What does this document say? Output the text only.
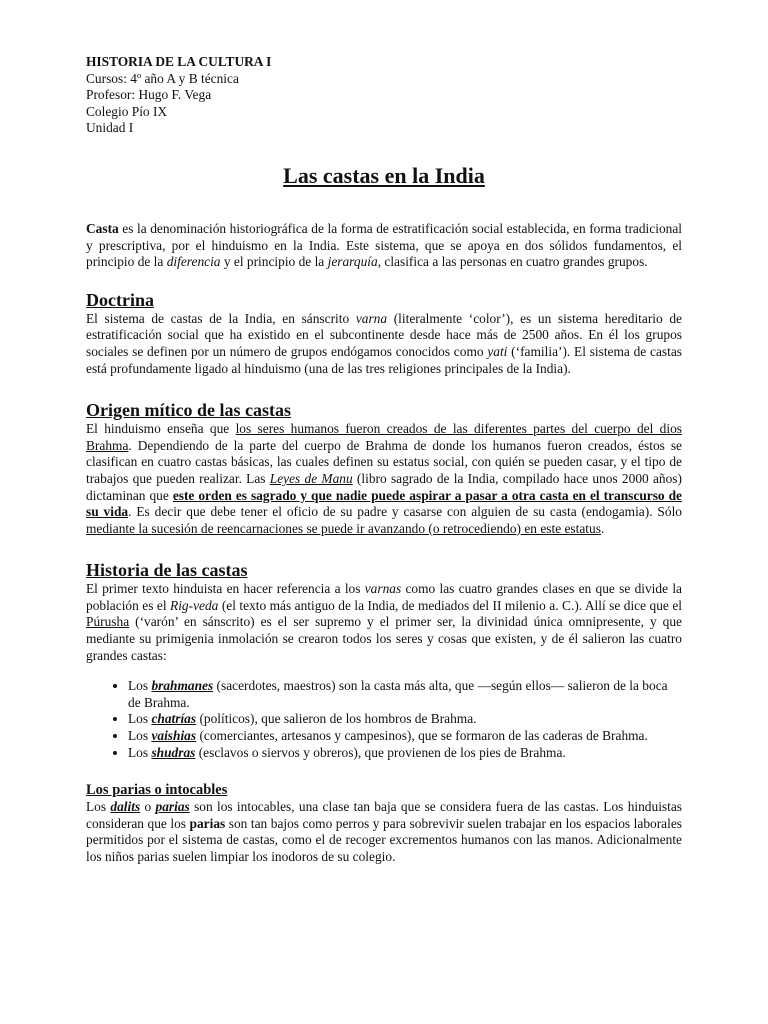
HISTORIA DE LA CULTURA I

Cursos: 4º año A y B técnica

Profesor: Hugo F. Vega

Colegio Pío IX

Unidad I

Las castas en la India

Casta es la denominación historiográfica de la forma de estratificación social establecida, en forma tradicional y prescriptiva, por el hinduismo en la India. Este sistema, que se apoya en dos sólidos fundamentos, el principio de la diferencia y el principio de la jerarquía, clasifica a las personas en cuatro grandes grupos.

Doctrina

El sistema de castas de la India, en sánscrito varna (literalmente ‘color’), es un sistema hereditario de estratificación social que ha existido en el subcontinente desde hace más de 2500 años. En él los grupos sociales se definen por un número de grupos endógamos conocidos como yati (‘familia’). El sistema de castas está profundamente ligado al hinduismo (una de las tres religiones principales de la India).

Origen mítico de las castas

El hinduismo enseña que los seres humanos fueron creados de las diferentes partes del cuerpo del dios Brahma. Dependiendo de la parte del cuerpo de Brahma de donde los humanos fueron creados, éstos se clasifican en cuatro castas básicas, las cuales definen su estatus social, con quién se pueden casar, y el tipo de trabajos que pueden realizar. Las Leyes de Manu (libro sagrado de la India, compilado hace unos 2000 años) dictaminan que este orden es sagrado y que nadie puede aspirar a pasar a otra casta en el transcurso de su vida. Es decir que debe tener el oficio de su padre y casarse con alguien de su casta (endogamia). Sólo mediante la sucesión de reencarnaciones se puede ir avanzando (o retrocediendo) en este estatus.

Historia de las castas

El primer texto hinduista en hacer referencia a los varnas como las cuatro grandes clases en que se divide la población es el Rig-veda (el texto más antiguo de la India, de mediados del II milenio a. C.). Allí se dice que el Púrusha (‘varón’ en sánscrito) es el ser supremo y el primer ser, la divinidad única omnipresente, y que mediante su primigenia inmolación se crearon todos los seres y cosas que existen, y de él salieron las cuatro grandes castas:

• Los brahmanes (sacerdotes, maestros) son la casta más alta, que —según ellos— salieron de la boca de Brahma.
• Los chatrías (políticos), que salieron de los hombros de Brahma.
• Los vaishias (comerciantes, artesanos y campesinos), que se formaron de las caderas de Brahma.
• Los shudras (esclavos o siervos y obreros), que provienen de los pies de Brahma.
Los parias o intocables

Los dalits o parias son los intocables, una clase tan baja que se considera fuera de las castas. Los hinduistas consideran que los parias son tan bajos como perros y para sobrevivir suelen trabajar en los espacios laborales permitidos por el sistema de castas, como el de recoger excrementos humanos con las manos. Adicionalmente los niños parias suelen limpiar los inodoros de su colegio.
